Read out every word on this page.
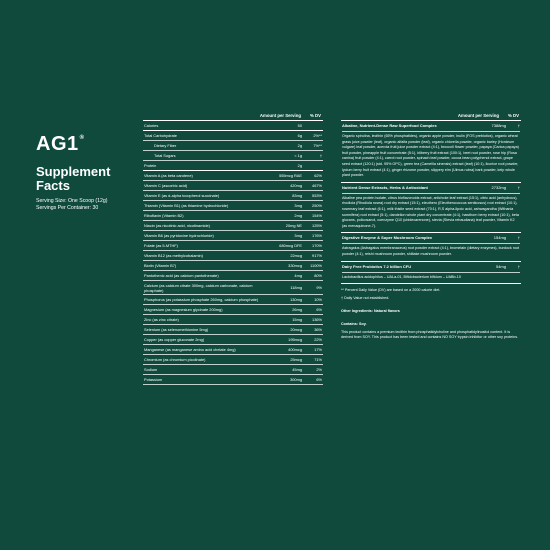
AG1®
Supplement
Facts
Serving Size: One Scoop (12g)
Servings Per Container: 30
Amount per Serving	% DV
Calories	50
Total Carbohydrate	6g	2%**
Dietary Fiber	2g	7%**
Total Sugars	< 1g	†
Protein	2g
Vitamin A (as beta carotene)	555mcg RAE	62%
Vitamin C (ascorbic acid)	420mg	467%
Vitamin E (as d-alpha tocopherol succinate)	83mg	553%
Thiamin (Vitamin B1) (as thiamine hydrochloride)	3mg	250%
Riboflavin (Vitamin B2)	2mg	154%
Niacin (as nicotinic acid, nicotinamide)	20mg NE	125%
Vitamin B6 (as pyridoxine hydrochloride)	3mg	176%
Folate (as 5-MTHF)	680mcg DFE	170%
Vitamin B12 (as methylcobalamin)	22mcg	917%
Biotin (Vitamin B7)	330mcg	1100%
Pantothenic acid (as calcium pantothenate)	4mg	80%
Calcium (as calcium citrate 300mg, calcium carbonate, calcium phosphate)	118mg	9%
Phosphorus (as potassium phosphate 260mg, calcium phosphate)	130mg	10%
Magnesium (as magnesium glycinate 200mg)	26mg	6%
Zinc (as zinc citrate)	15mg	136%
Selenium (as selenomethionine 5mg)	20mcg	36%
Copper (as copper gluconate 2mg)	195mcg	22%
Manganese (as manganese amino acid chelate 4mg)	400mcg	17%
Chromium (as chromium picolinate)	25mcg	71%
Sodium	45mg	2%
Potassium	300mg	6%
Amount per Serving	% DV
Alkaline, Nutrient-Dense Raw Superfood Complex	7388mg	†
Organic spirulina, lecithin (65% phosphatides), organic apple powder, inulin (FOS prebiotics), organic wheat grass juice powder (leaf), organic alfalfa powder (leaf), organic chlorella powder, organic barley (Hordeum vulgare) leaf powder, acerola fruit juice powder extract (4:1), broccoli flower powder, papaya (Carica papaya) fruit powder, pineapple fruit concentrate (5:1), bilberry fruit extract (100:1), beet root powder, rose hip (Rosa canina) fruit powder (4:1), carrot root powder, spinach leaf powder, cocoa bean polyphenol extract, grape seed extract (120:1) (std. 95% OPC), green tea (Camellia sinensis) extract (leaf) (10:1), licorice root powder, lycium berry fruit extract (4:1), ginger rhizome powder, slippery elm (Ulmus rubra) bark powder, kelp whole plant powder.
Nutrient Dense Extracts, Herbs & Antioxidant	2732mg	†
Alkaline pea protein isolate, citrus bioflavonoids extract, artichoke leaf extract (15:1), citric acid (anhydrous), rhodiola (Rhodiola rosea) root dry extract (15:1), eleuthero (Eleutherococcus senticosus) root extract (10:1), rosemary leaf extract (6:1), milk thistle seed extract (70:1), R,S alpha-lipoic acid, ashwagandha (Withania somnifera) root extract (5:1), dandelion whole plant dry concentrate (4:1), hawthorn berry extract (10:1), beta glucans, policosanol, coenzyme Q10 (ubidecarenone), stevia (Stevia rebaudiana) leaf powder, Vitamin K2 (as menaquinone-7).
Digestive Enzyme & Super Mushroom Complex	154mg	†
Astragalus (Astragalus membranaceus) root powder extract (4:1), bromelain (dietary enzymes), burdock root powder (4:1), reishi mushroom powder, shiitake mushroom powder.
Dairy Free Probiotics 7.2 billion CFU	54mg	†
Lactobacillus acidophilus – UALa-01, Bifidobacterium bifidum – UABb-10

** Percent Daily Value (DV) are based on a 2000 calorie diet.

† Daily Value not established.

Other Ingredients: Natural flavors

Contains: Soy.

This product contains a premium lecithin from phosphatidylcholine and phosphatidylinositol content. It is derived from SOY. This product has been tested and contains NO SOY trypsin inhibitor or other soy proteins.
